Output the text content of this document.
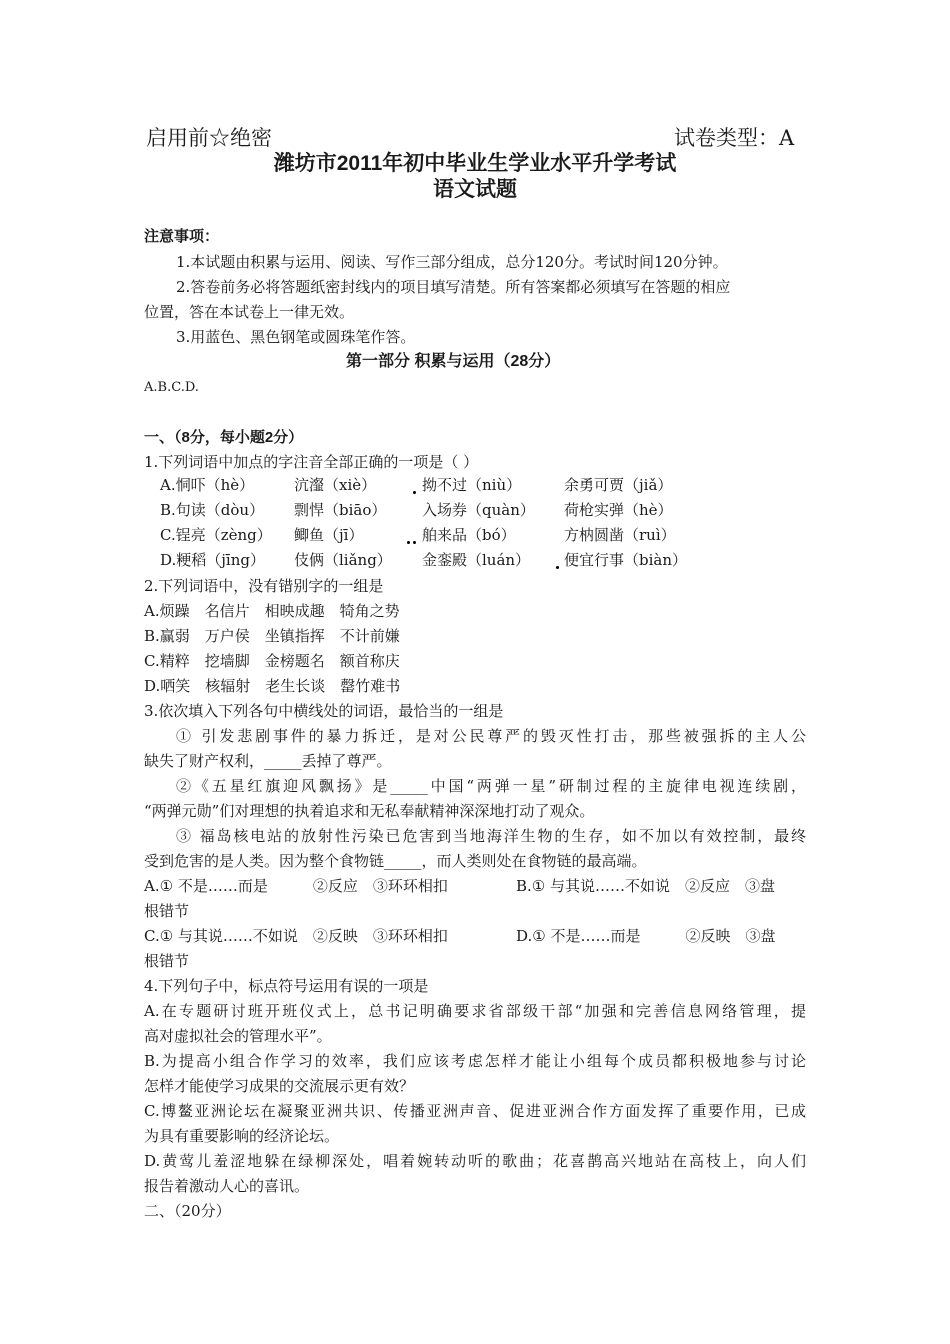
启用前☆绝密	试卷类型：A
潍坊市2011年初中毕业生学业水平升学考试
语文试题
注意事项：
1.本试题由积累与运用、阅读、写作三部分组成，总分120分。考试时间120分钟。
2.答卷前务必将答题纸密封线内的项目填写清楚。所有答案都必须填写在答题的相应
位置，答在本试卷上一律无效。
3.用蓝色、黑色钢笔或圆珠笔作答。
第一部分 积累与运用（28分）
A.B.C.D.
一、（8分，每小题2分）
1.下列词语中加点的字注音全部正确的一项是（ ）
A.恫吓（hè）	沆瀣（xiè）	拗不过（niù）	余勇可贾（jiǎ）
B.句读（dòu） 剽悍（biāo） 入场券（quàn） 荷枪实弹（hè）
C.锃亮（zèng） 鲫鱼（jī）	舶来品（bó）	方枘圆凿（ruì）
D.粳稻（jīng） 伎俩（liǎng） 金銮殿（luán） 便宜行事（biàn）
2.下列词语中，没有错别字的一组是
A.烦躁　名信片　相映成趣　犄角之势
B.赢弱　万户侯　坐镇指挥　不计前嫌
C.精粹　挖墙脚　金榜题名　额首称庆
D.哂笑　核辐射　老生长谈　罄竹难书
3.依次填入下列各句中横线处的词语，最恰当的一组是
① 引发悲剧事件的暴力拆迁，是对公民尊严的毁灭性打击，那些被强拆的主人公
缺失了财产权利，_____丢掉了尊严。
②《五星红旗迎风飘扬》是_____中国“两弹一星”研制过程的主旋律电视连续剧，
“两弹元勋”们对理想的执着追求和无私奉献精神深深地打动了观众。
③ 福岛核电站的放射性污染已危害到当地海洋生物的生存，如不加以有效控制，最终
受到危害的是人类。因为整个食物链_____，而人类则处在食物链的最高端。
A.① 不是……而是　　　②反应　③环环相扣	B.① 与其说……不如说　②反应　③盘
根错节
C.① 与其说……不如说　②反映　③环环相扣	D.① 不是……而是　　　②反映　③盘
根错节
4.下列句子中，标点符号运用有误的一项是
A.在专题研讨班开班仪式上，总书记明确要求省部级干部“加强和完善信息网络管理，提
高对虚拟社会的管理水平”。
B.为提高小组合作学习的效率，我们应该考虑怎样才能让小组每个成员都积极地参与讨论
怎样才能使学习成果的交流展示更有效？
C.博鳌亚洲论坛在凝聚亚洲共识、传播亚洲声音、促进亚洲合作方面发挥了重要作用，已成
为具有重要影响的经济论坛。
D.黄莺儿羞涩地躲在绿柳深处，唱着婉转动听的歌曲；花喜鹊高兴地站在高枝上，向人们
报告着激动人心的喜讯。
二、（20分）
